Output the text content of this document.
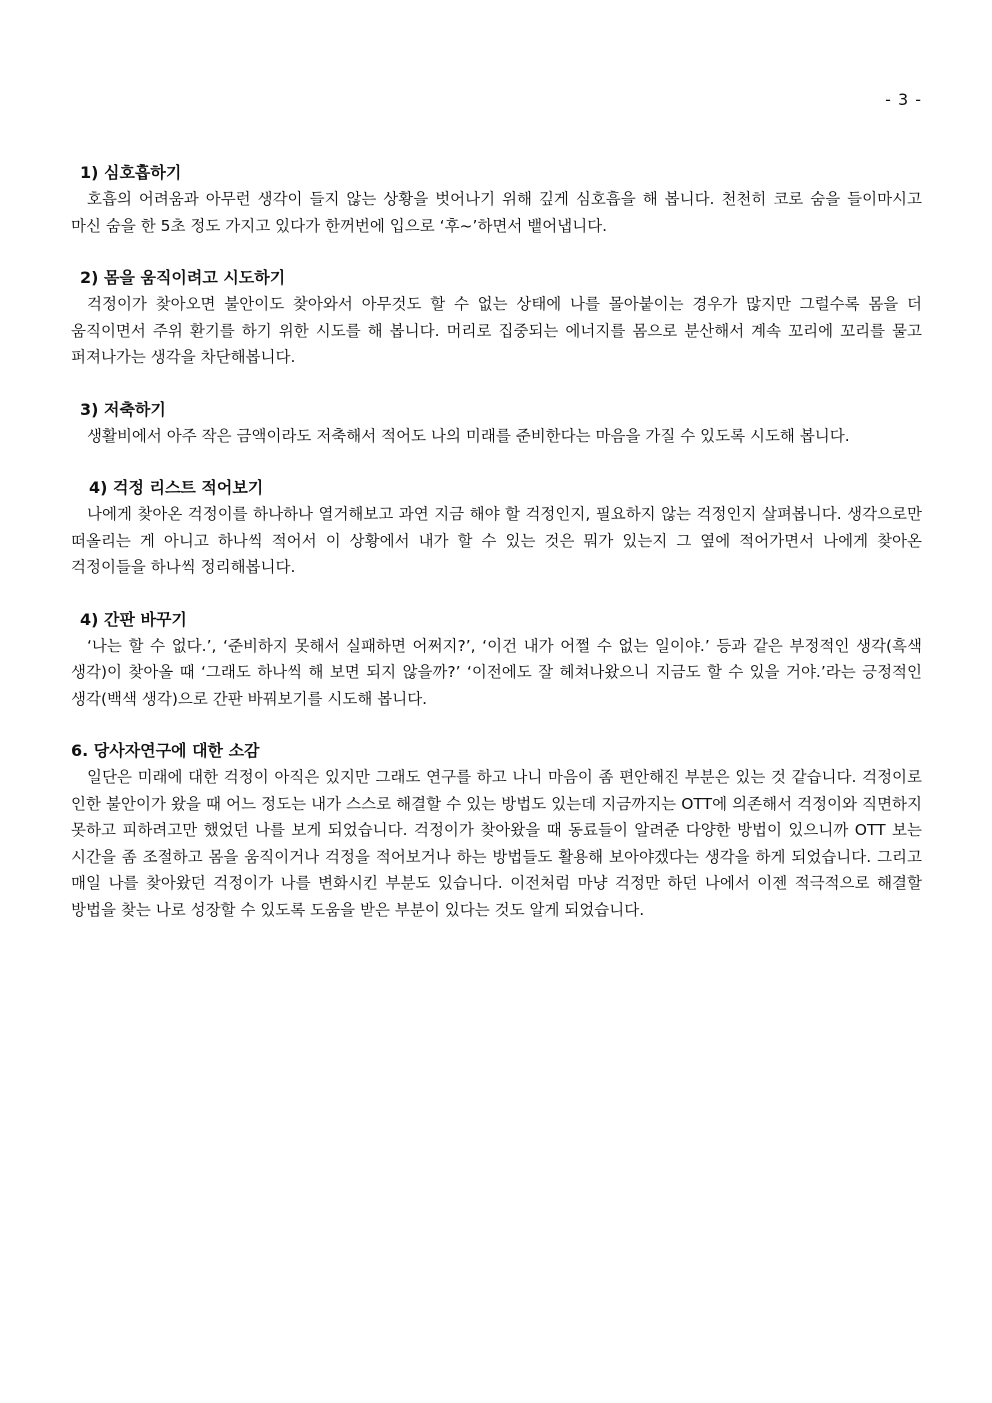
- 3 -

1) 심호흡하기

호흡의 어려움과 아무런 생각이 들지 않는 상황을 벗어나기 위해 깊게 심호흡을 해 봅니다. 천천히 코로 숨을 들이마시고 마신 숨을 한 5초 정도 가지고 있다가 한꺼번에 입으로 ‘후~’하면서 뱉어냅니다.

2) 몸을 움직이려고 시도하기

걱정이가 찾아오면 불안이도 찾아와서 아무것도 할 수 없는 상태에 나를 몰아붙이는 경우가 많지만 그럴수록 몸을 더 움직이면서 주위 환기를 하기 위한 시도를 해 봅니다. 머리로 집중되는 에너지를 몸으로 분산해서 계속 꼬리에 꼬리를 물고 퍼져나가는 생각을 차단해봅니다.

3) 저축하기

생활비에서 아주 작은 금액이라도 저축해서 적어도 나의 미래를 준비한다는 마음을 가질 수 있도록 시도해 봅니다.

4) 걱정 리스트 적어보기

나에게 찾아온 걱정이를 하나하나 열거해보고 과연 지금 해야 할 걱정인지, 필요하지 않는 걱정인지 살펴봅니다. 생각으로만 떠올리는 게 아니고 하나씩 적어서 이 상황에서 내가 할 수 있는 것은 뭐가 있는지 그 옆에 적어가면서 나에게 찾아온 걱정이들을 하나씩 정리해봅니다.

4) 간판 바꾸기

‘나는 할 수 없다.’, ‘준비하지 못해서 실패하면 어쩌지?’, ‘이건 내가 어쩔 수 없는 일이야.’ 등과 같은 부정적인 생각(흑색 생각)이 찾아올 때 ‘그래도 하나씩 해 보면 되지 않을까?’ ‘이전에도 잘 헤쳐나왔으니 지금도 할 수 있을 거야.’라는 긍정적인 생각(백색 생각)으로 간판 바꿔보기를 시도해 봅니다.

6. 당사자연구에 대한 소감

일단은 미래에 대한 걱정이 아직은 있지만 그래도 연구를 하고 나니 마음이 좀 편안해진 부분은 있는 것 같습니다. 걱정이로 인한 불안이가 왔을 때 어느 정도는 내가 스스로 해결할 수 있는 방법도 있는데 지금까지는 OTT에 의존해서 걱정이와 직면하지 못하고 피하려고만 했었던 나를 보게 되었습니다. 걱정이가 찾아왔을 때 동료들이 알려준 다양한 방법이 있으니까 OTT 보는 시간을 좀 조절하고 몸을 움직이거나 걱정을 적어보거나 하는 방법들도 활용해 보아야겠다는 생각을 하게 되었습니다. 그리고 매일 나를 찾아왔던 걱정이가 나를 변화시킨 부분도 있습니다. 이전처럼 마냥 걱정만 하던 나에서 이젠 적극적으로 해결할 방법을 찾는 나로 성장할 수 있도록 도움을 받은 부분이 있다는 것도 알게 되었습니다.
